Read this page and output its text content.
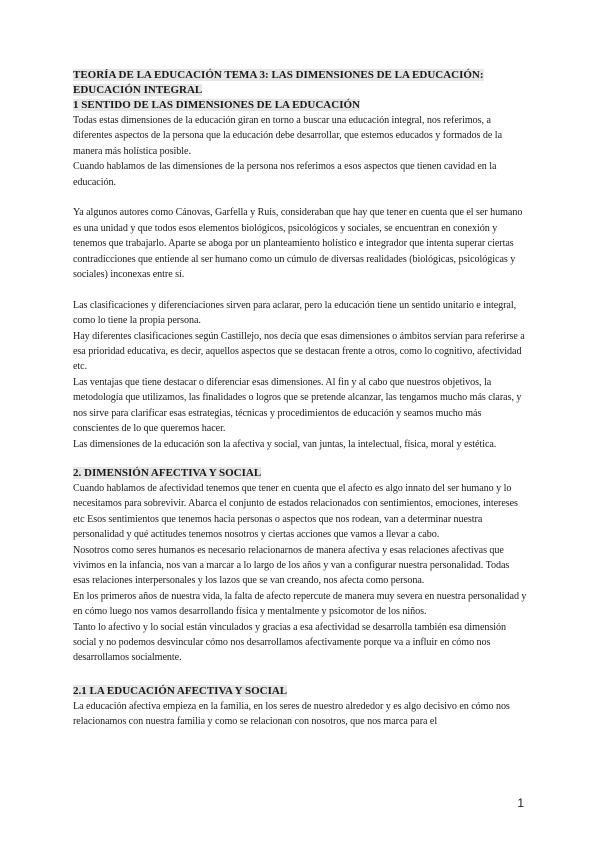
TEORÍA DE LA EDUCACIÓN TEMA 3: LAS DIMENSIONES DE LA EDUCACIÓN:
EDUCACIÓN INTEGRAL

1 SENTIDO DE LAS DIMENSIONES DE LA EDUCACIÓN

Todas estas dimensiones de la educación giran en torno a buscar una educación integral, nos referimos, a diferentes aspectos de la persona que la educación debe desarrollar, que estemos educados y formados de la manera más holística posible.

Cuando hablamos de las dimensiones de la persona nos referimos a esos aspectos que tienen cavidad en la educación.

Ya algunos autores como Cánovas, Garfella y Ruis, consideraban que hay que tener en cuenta que el ser humano es una unidad y que todos esos elementos biológicos, psicológicos y sociales, se encuentran en conexión y tenemos que trabajarlo. Aparte se aboga por un planteamiento holístico e integrador que intenta superar ciertas contradicciones que entiende al ser humano como un cúmulo de diversas realidades (biológicas, psicológicas y sociales) inconexas entre sí.

Las clasificaciones y diferenciaciones sirven para aclarar, pero la educación tiene un sentido unitario e integral, como lo tiene la propia persona.

Hay diferentes clasificaciones según Castillejo, nos decía que esas dimensiones o ámbitos servían para referirse a esa prioridad educativa, es decir, aquellos aspectos que se destacan frente a otros, como lo cognitivo, afectividad etc.

Las ventajas que tiene destacar o diferenciar esas dimensiones. Al fin y al cabo que nuestros objetivos, la metodología que utilizamos, las finalidades o logros que se pretende alcanzar, las tengamos mucho más claras, y nos sirve para clarificar esas estrategias, técnicas y procedimientos de educación y seamos mucho más conscientes de lo que queremos hacer.

Las dimensiones de la educación son la afectiva y social, van juntas, la intelectual, física, moral y estética.

2. DIMENSIÓN AFECTIVA Y SOCIAL

Cuando hablamos de afectividad tenemos que tener en cuenta que el afecto es algo innato del ser humano y lo necesitamos para sobrevivir. Abarca el conjunto de estados relacionados con sentimientos, emociones, intereses etc Esos sentimientos que tenemos hacia personas o aspectos que nos rodean, van a determinar nuestra personalidad y qué actitudes tenemos nosotros y ciertas acciones que vamos a llevar a cabo.

Nosotros como seres humanos es necesario relacionarnos de manera afectiva y esas relaciones afectivas que vivimos en la infancia, nos van a marcar a lo largo de los años y van a configurar nuestra personalidad. Todas esas relaciones interpersonales y los lazos que se van creando, nos afecta como persona.

En los primeros años de nuestra vida, la falta de afecto repercute de manera muy severa en nuestra personalidad y en cómo luego nos vamos desarrollando física y mentalmente y psicomotor de los niños.

Tanto lo afectivo y lo social están vinculados y gracias a esa afectividad se desarrolla también esa dimensión social y no podemos desvincular cómo nos desarrollamos afectivamente porque va a influir en cómo nos desarrollamos socialmente.

2.1 LA EDUCACIÓN AFECTIVA Y SOCIAL

La educación afectiva empieza en la familia, en los seres de nuestro alrededor y es algo decisivo en cómo nos relacionamos con nuestra familia y como se relacionan con nosotros, que nos marca para el

1
